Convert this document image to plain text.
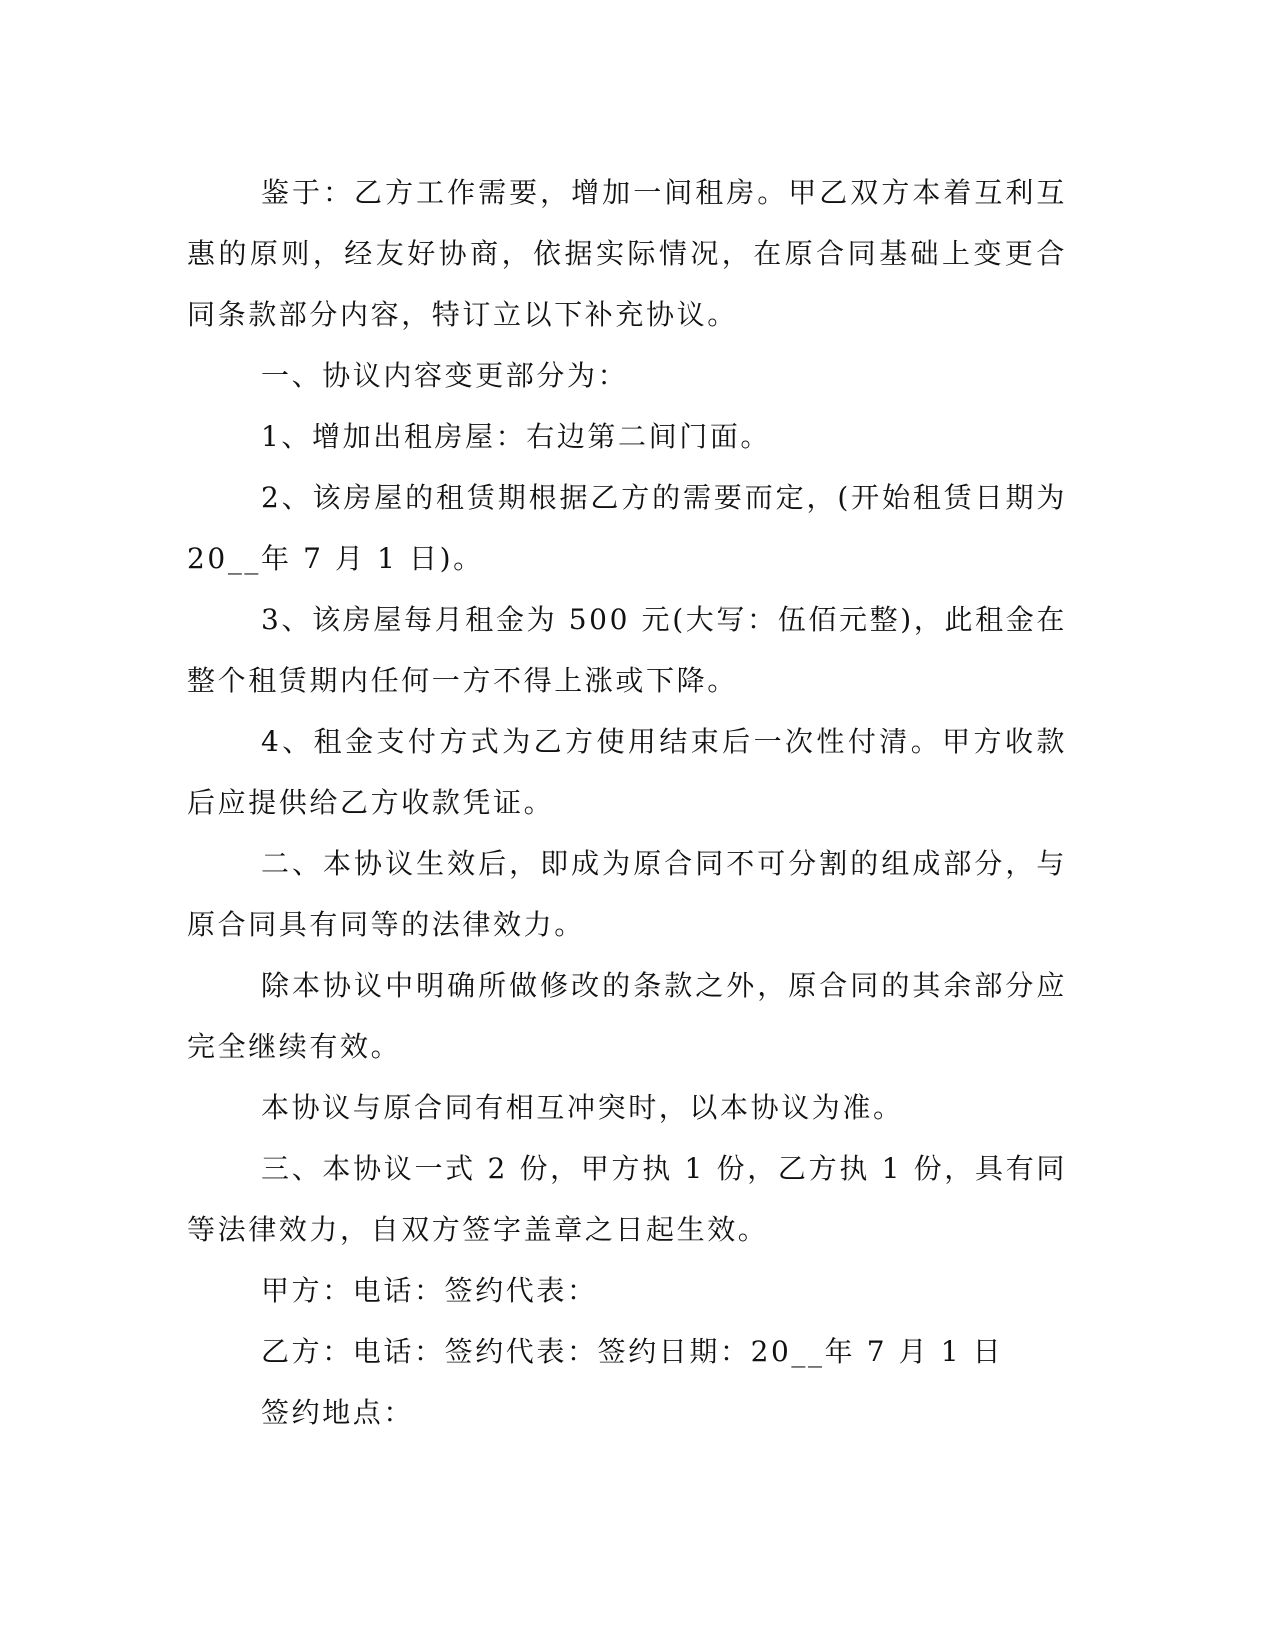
鉴于：乙方工作需要，增加一间租房。甲乙双方本着互利互惠的原则，经友好协商，依据实际情况，在原合同基础上变更合同条款部分内容，特订立以下补充协议。

一、协议内容变更部分为：

1、增加出租房屋：右边第二间门面。

2、该房屋的租赁期根据乙方的需要而定，(开始租赁日期为 20__年 7 月 1 日)。

3、该房屋每月租金为 500 元(大写：伍佰元整)，此租金在整个租赁期内任何一方不得上涨或下降。

4、租金支付方式为乙方使用结束后一次性付清。甲方收款后应提供给乙方收款凭证。

二、本协议生效后，即成为原合同不可分割的组成部分，与原合同具有同等的法律效力。

除本协议中明确所做修改的条款之外，原合同的其余部分应完全继续有效。

本协议与原合同有相互冲突时，以本协议为准。

三、本协议一式 2 份，甲方执 1 份，乙方执 1 份，具有同等法律效力，自双方签字盖章之日起生效。

甲方：电话：签约代表：

乙方：电话：签约代表：签约日期：20__年 7 月 1 日

签约地点：
